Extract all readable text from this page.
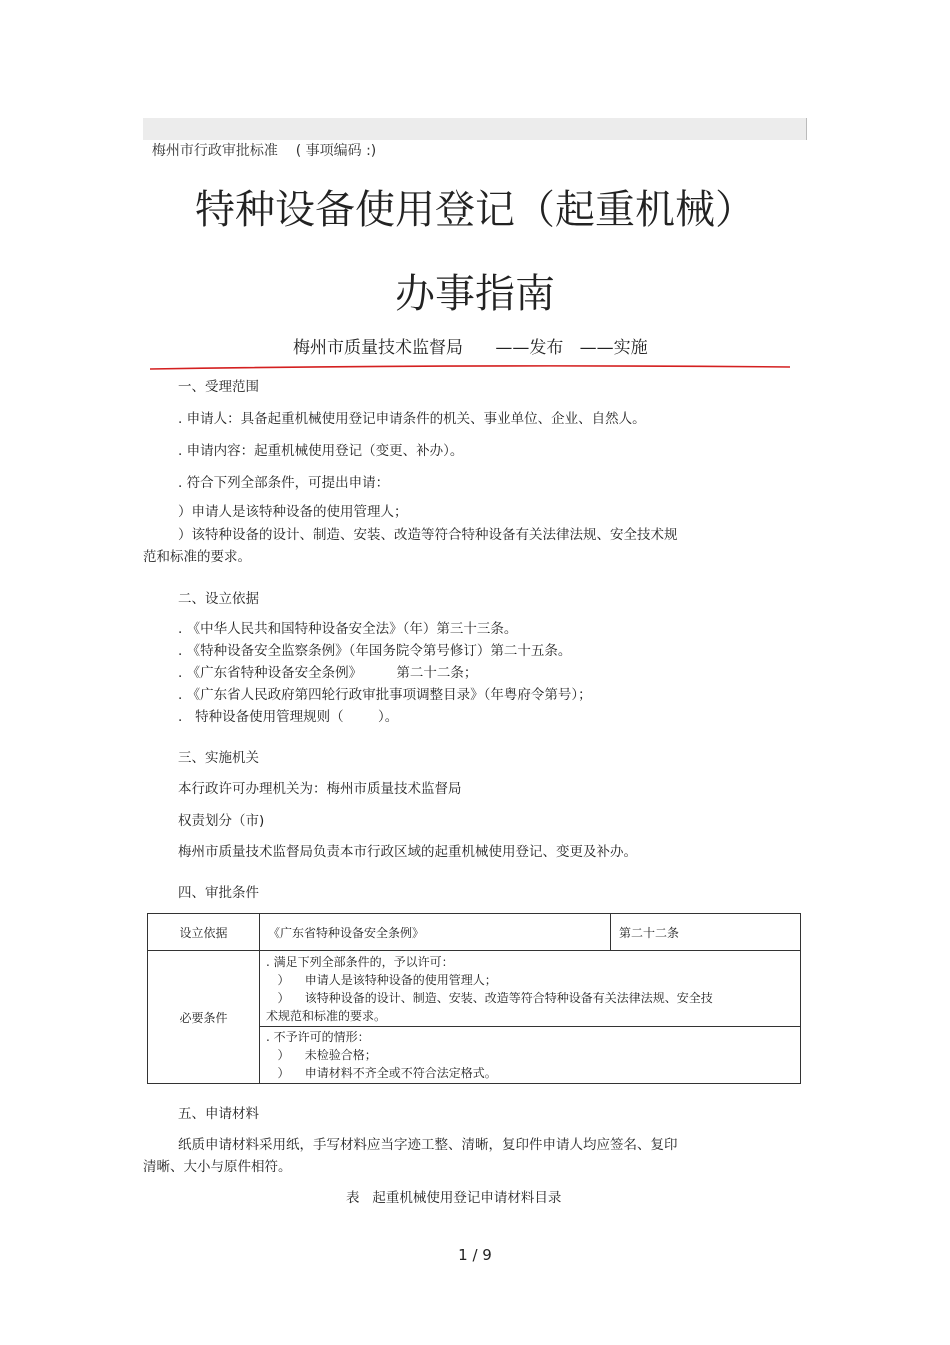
梅州市行政审批标准    ( 事项编码 :)

特种设备使用登记（起重机械）
办事指南
梅州市质量技术监督局      ——发布   ——实施
一、受理范围
. 申请人：具备起重机械使用登记申请条件的机关、事业单位、企业、自然人。
. 申请内容：起重机械使用登记（变更、补办）。
. 符合下列全部条件，可提出申请：
）申请人是该特种设备的使用管理人；
）该特种设备的设计、制造、安装、改造等符合特种设备有关法律法规、安全技术规
范和标准的要求。
二、设立依据
. 《中华人民共和国特种设备安全法》（年）第三十三条。
. 《特种设备安全监察条例》（年国务院令第号修订）第二十五条。
. 《广东省特种设备安全条例》        第二十二条；
. 《广东省人民政府第四轮行政审批事项调整目录》（年粤府令第号）；
.   特种设备使用管理规则（        ）。
三、实施机关
本行政许可办理机关为：梅州市质量技术监督局
权责划分（市)
梅州市质量技术监督局负责本市行政区域的起重机械使用登记、变更及补办。
四、审批条件
设立依据	《广东省特种设备安全条例》	第二十二条
必要条件	. 满足下列全部条件的，予以许可：
）    申请人是该特种设备的使用管理人；
）    该特种设备的设计、制造、安装、改造等符合特种设备有关法律法规、安全技
术规范和标准的要求。	

	. 不予许可的情形：
）    未检验合格；
）    申请材料不齐全或不符合法定格式。	
五、申请材料
纸质申请材料采用纸，手写材料应当字迹工整、清晰，复印件申请人均应签名、复印
清晰、大小与原件相符。
表   起重机械使用登记申请材料目录
1 / 9
